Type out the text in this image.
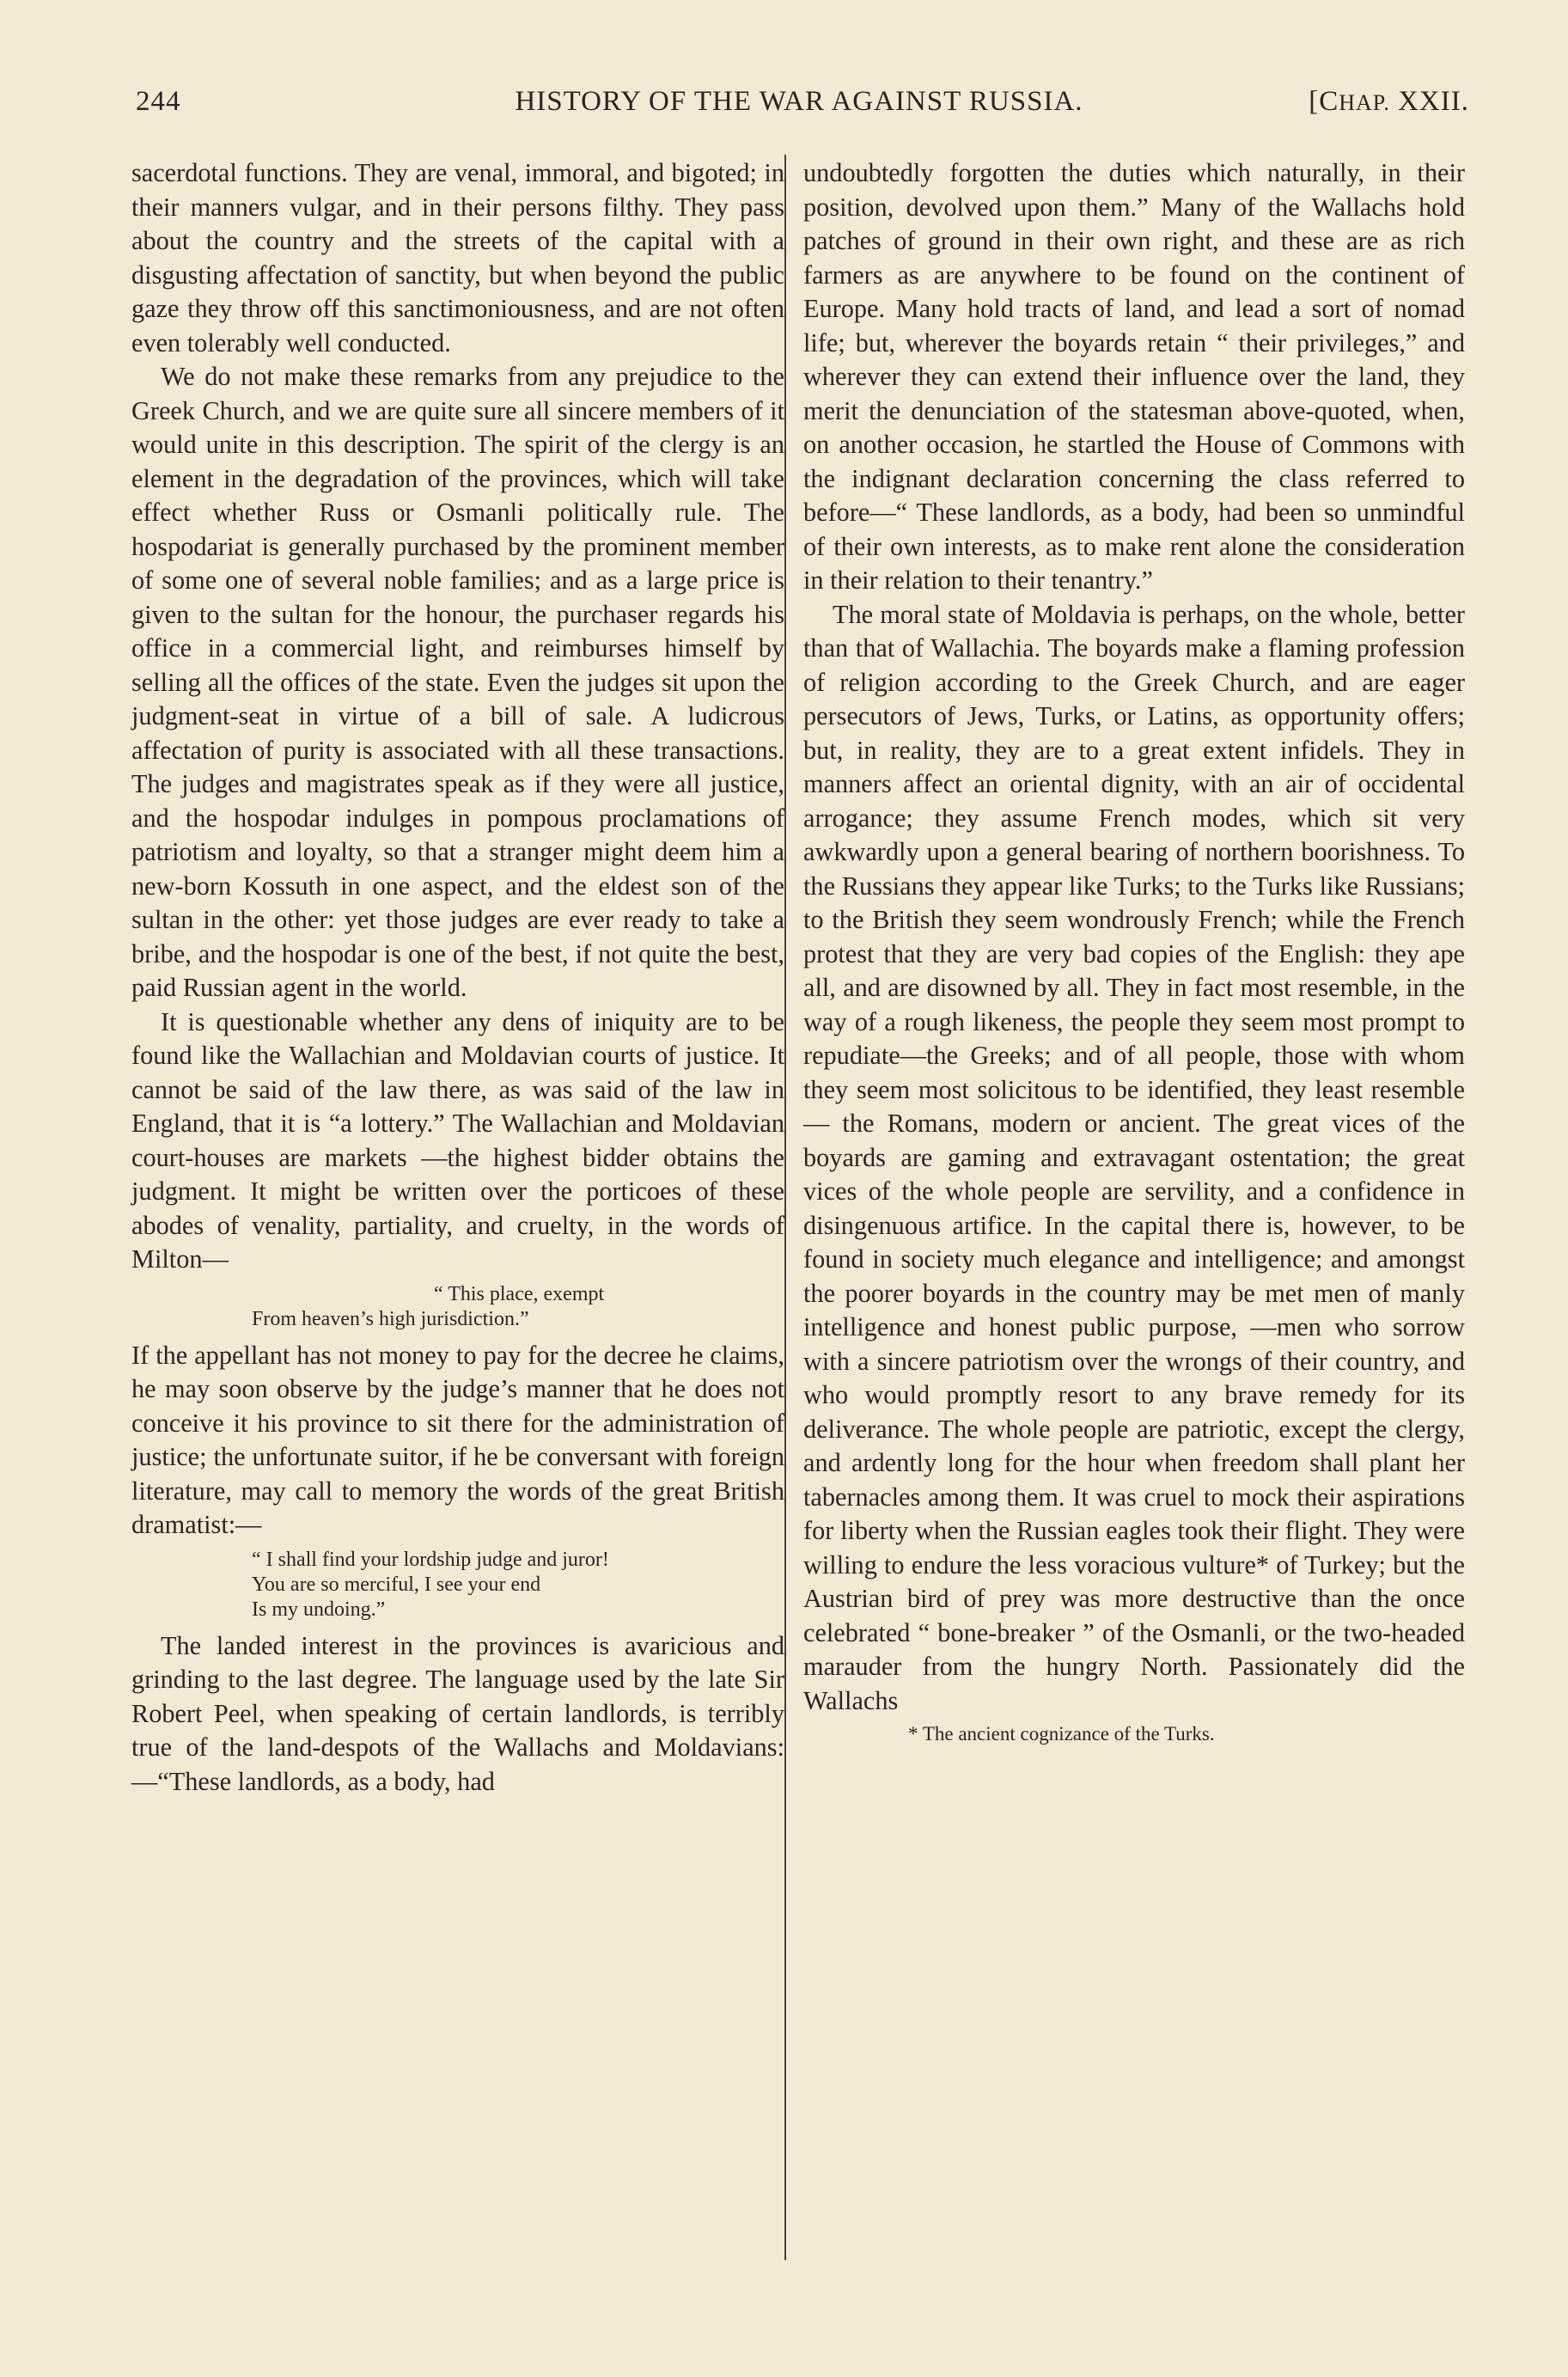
244	HISTORY OF THE WAR AGAINST RUSSIA.	[CHAP. XXII.

sacerdotal functions. They are venal, immoral, and bigoted; in their manners vulgar, and in their persons filthy. They pass about the country and the streets of the capital with a disgusting affectation of sanctity, but when beyond the public gaze they throw off this sanctimoniousness, and are not often even tolerably well conducted.

We do not make these remarks from any prejudice to the Greek Church, and we are quite sure all sincere members of it would unite in this description. The spirit of the clergy is an element in the degradation of the provinces, which will take effect whether Russ or Osmanli politically rule. The hospodariat is generally purchased by the prominent member of some one of several noble families; and as a large price is given to the sultan for the honour, the purchaser regards his office in a commercial light, and reimburses himself by selling all the offices of the state. Even the judges sit upon the judgment-seat in virtue of a bill of sale. A ludicrous affectation of purity is associated with all these transactions. The judges and magistrates speak as if they were all justice, and the hospodar indulges in pompous proclamations of patriotism and loyalty, so that a stranger might deem him a new-born Kossuth in one aspect, and the eldest son of the sultan in the other: yet those judges are ever ready to take a bribe, and the hospodar is one of the best, if not quite the best, paid Russian agent in the world.

It is questionable whether any dens of iniquity are to be found like the Wallachian and Moldavian courts of justice. It cannot be said of the law there, as was said of the law in England, that it is “a lottery.” The Wallachian and Moldavian court-houses are markets —the highest bidder obtains the judgment. It might be written over the porticoes of these abodes of venality, partiality, and cruelty, in the words of Milton—

“ This place, exempt
From heaven’s high jurisdiction.”

If the appellant has not money to pay for the decree he claims, he may soon observe by the judge’s manner that he does not conceive it his province to sit there for the administration of justice; the unfortunate suitor, if he be conversant with foreign literature, may call to memory the words of the great British dramatist:—

“ I shall find your lordship judge and juror!
You are so merciful, I see your end
Is my undoing.”

The landed interest in the provinces is avaricious and grinding to the last degree. The language used by the late Sir Robert Peel, when speaking of certain landlords, is terribly true of the land-despots of the Wallachs and Moldavians:—“These landlords, as a body, had

undoubtedly forgotten the duties which naturally, in their position, devolved upon them.” Many of the Wallachs hold patches of ground in their own right, and these are as rich farmers as are anywhere to be found on the continent of Europe. Many hold tracts of land, and lead a sort of nomad life; but, wherever the boyards retain “ their privileges,” and wherever they can extend their influence over the land, they merit the denunciation of the statesman above-quoted, when, on another occasion, he startled the House of Commons with the indignant declaration concerning the class referred to before—“ These landlords, as a body, had been so unmindful of their own interests, as to make rent alone the consideration in their relation to their tenantry.”

The moral state of Moldavia is perhaps, on the whole, better than that of Wallachia. The boyards make a flaming profession of religion according to the Greek Church, and are eager persecutors of Jews, Turks, or Latins, as opportunity offers; but, in reality, they are to a great extent infidels. They in manners affect an oriental dignity, with an air of occidental arrogance; they assume French modes, which sit very awkwardly upon a general bearing of northern boorishness. To the Russians they appear like Turks; to the Turks like Russians; to the British they seem wondrously French; while the French protest that they are very bad copies of the English: they ape all, and are disowned by all. They in fact most resemble, in the way of a rough likeness, the people they seem most prompt to repudiate—the Greeks; and of all people, those with whom they seem most solicitous to be identified, they least resemble— the Romans, modern or ancient. The great vices of the boyards are gaming and extravagant ostentation; the great vices of the whole people are servility, and a confidence in disingenuous artifice. In the capital there is, however, to be found in society much elegance and intelligence; and amongst the poorer boyards in the country may be met men of manly intelligence and honest public purpose, —men who sorrow with a sincere patriotism over the wrongs of their country, and who would promptly resort to any brave remedy for its deliverance. The whole people are patriotic, except the clergy, and ardently long for the hour when freedom shall plant her tabernacles among them. It was cruel to mock their aspirations for liberty when the Russian eagles took their flight. They were willing to endure the less voracious vulture* of Turkey; but the Austrian bird of prey was more destructive than the once celebrated “ bone-breaker ” of the Osmanli, or the two-headed marauder from the hungry North. Passionately did the Wallachs

* The ancient cognizance of the Turks.
